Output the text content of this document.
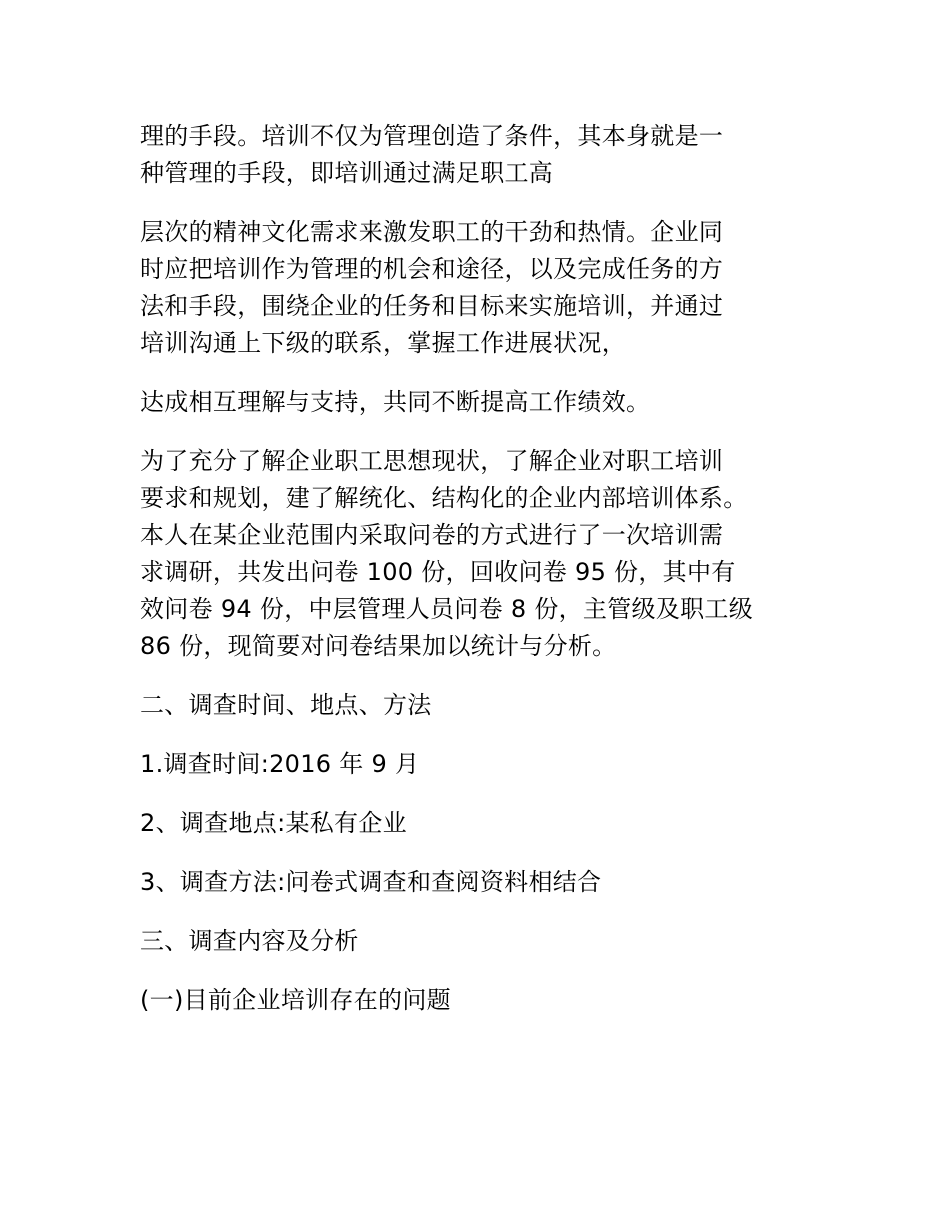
理的手段。培训不仅为管理创造了条件，其本身就是一
种管理的手段，即培训通过满足职工高

层次的精神文化需求来激发职工的干劲和热情。企业同
时应把培训作为管理的机会和途径，以及完成任务的方
法和手段，围绕企业的任务和目标来实施培训，并通过
培训沟通上下级的联系，掌握工作进展状况，

达成相互理解与支持，共同不断提高工作绩效。

为了充分了解企业职工思想现状，了解企业对职工培训
要求和规划，建了解统化、结构化的企业内部培训体系。
本人在某企业范围内采取问卷的方式进行了一次培训需
求调研，共发出问卷 100 份，回收问卷 95 份，其中有
效问卷 94 份，中层管理人员问卷 8 份，主管级及职工级
86 份，现简要对问卷结果加以统计与分析。

二、调查时间、地点、方法

1.调查时间:2016 年 9 月

2、调查地点:某私有企业

3、调查方法:问卷式调查和查阅资料相结合

三、调查内容及分析

(一)目前企业培训存在的问题
